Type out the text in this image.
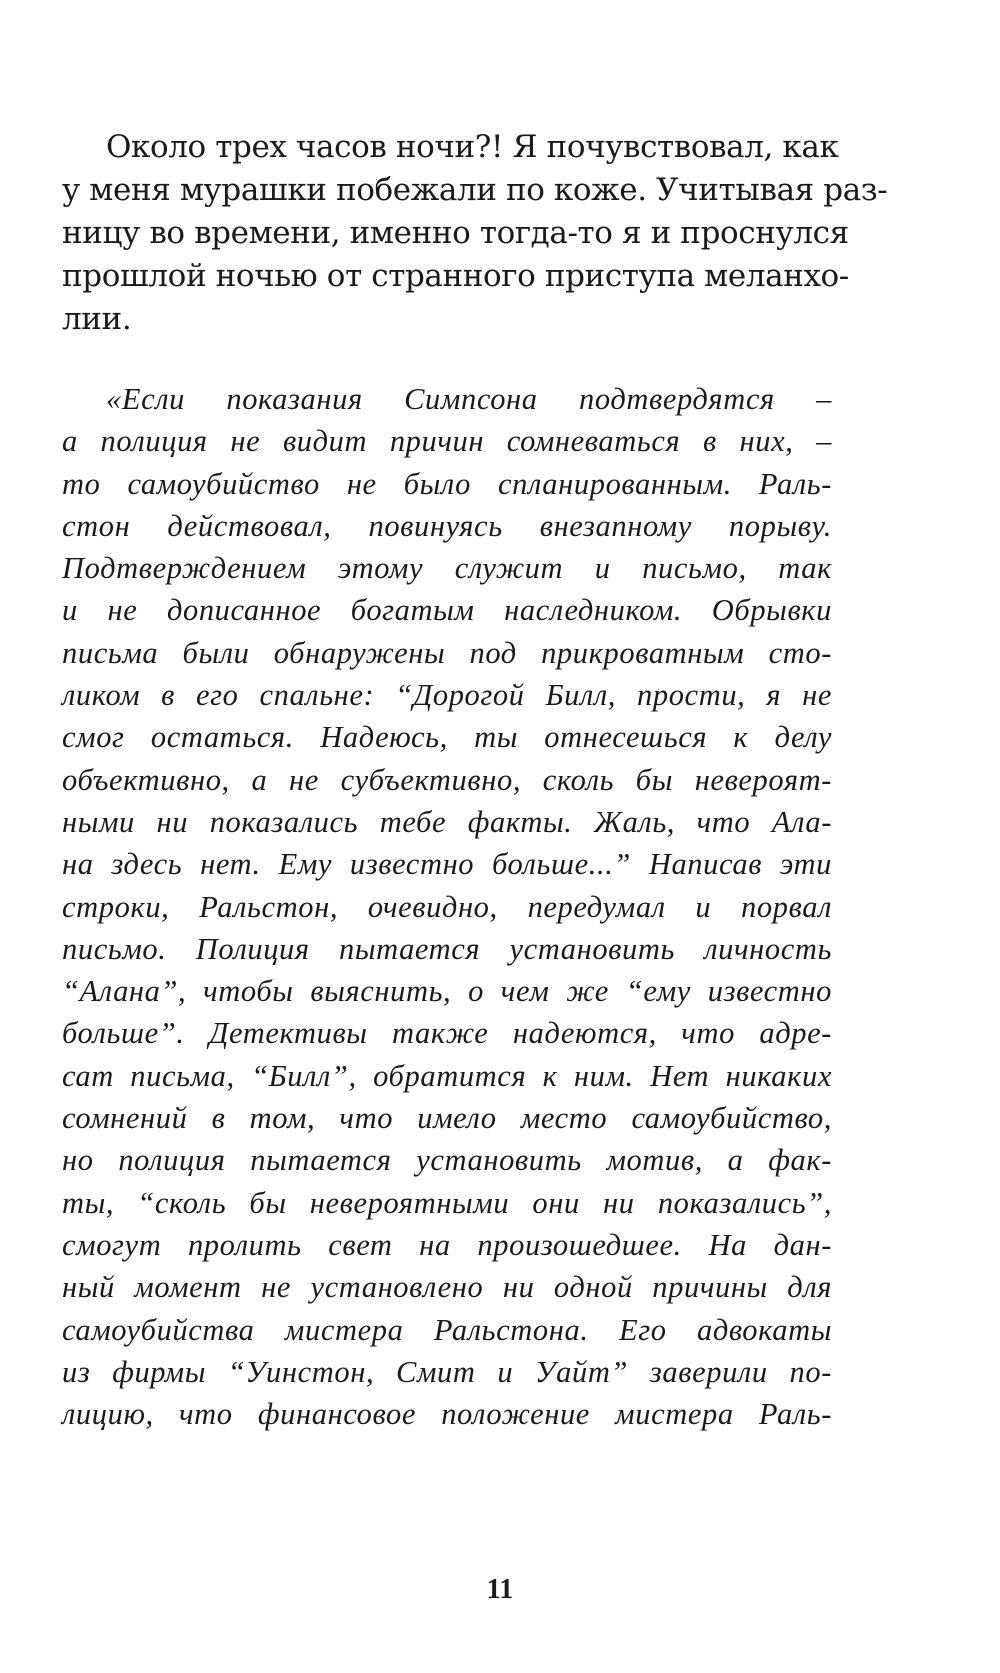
Около трех часов ночи?! Я почувствовал, как
у меня мурашки побежали по коже. Учитывая раз-
ницу во времени, именно тогда-то я и проснулся
прошлой ночью от странного приступа меланхо-
лии.
«Если показания Симпсона подтвердятся –
а полиция не видит причин сомневаться в них, –
то самоубийство не было спланированным. Раль-
стон действовал, повинуясь внезапному порыву.
Подтверждением этому служит и письмо, так
и не дописанное богатым наследником. Обрывки
письма были обнаружены под прикроватным сто-
ликом в его спальне: “Дорогой Билл, прости, я не
смог остаться. Надеюсь, ты отнесешься к делу
объективно, а не субъективно, сколь бы невероят-
ными ни показались тебе факты. Жаль, что Ала-
на здесь нет. Ему известно больше...” Написав эти
строки, Ральстон, очевидно, передумал и порвал
письмо. Полиция пытается установить личность
“Алана”, чтобы выяснить, о чем же “ему известно
больше”. Детективы также надеются, что адре-
сат письма, “Билл”, обратится к ним. Нет никаких
сомнений в том, что имело место самоубийство,
но полиция пытается установить мотив, а фак-
ты, “сколь бы невероятными они ни показались”,
смогут пролить свет на произошедшее. На дан-
ный момент не установлено ни одной причины для
самоубийства мистера Ральстона. Его адвокаты
из фирмы “Уинстон, Смит и Уайт” заверили по-
лицию, что финансовое положение мистера Раль-
11
